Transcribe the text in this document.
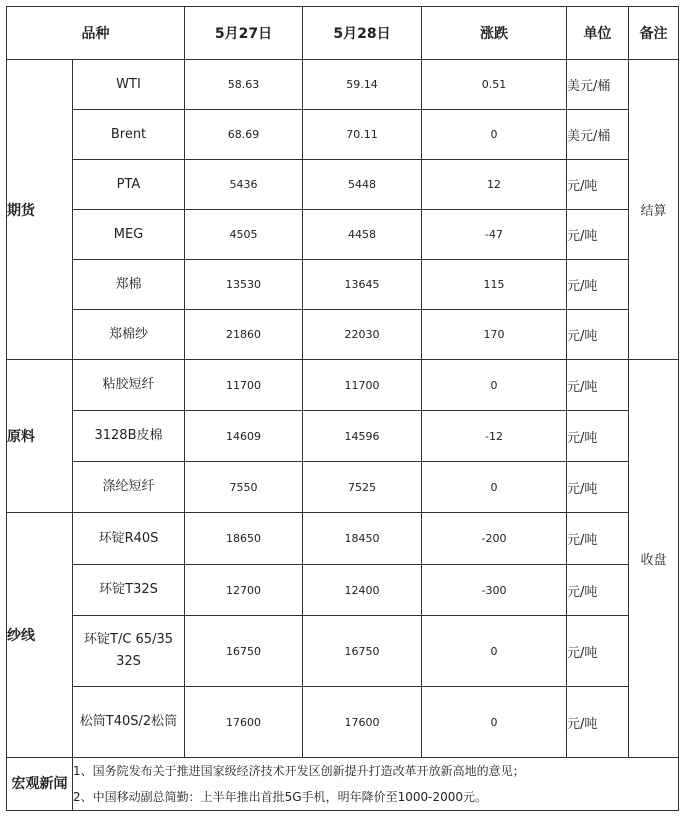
品种		5月27日	5月28日	涨跌	单位	备注
期货	WTI	58.63	59.14	0.51	美元/桶	结算
	Brent	68.69	70.11	0	美元/桶	
	PTA	5436	5448	12	元/吨	
	MEG	4505	4458	-47	元/吨	
	郑棉	13530	13645	115	元/吨	
	郑棉纱	21860	22030	170	元/吨	
原料	粘胶短纤	11700	11700	0	元/吨	收盘
	3128B皮棉	14609	14596	-12	元/吨	
	涤纶短纤	7550	7525	0	元/吨	
纱线	环锭R40S	18650	18450	-200	元/吨	
	环锭T32S	12700	12400	-300	元/吨	
	环锭T/C 65/35 32S	16750	16750	0	元/吨	
	松筒T40S/2松筒	17600	17600	0	元/吨	
宏观新闻	1、国务院发布关于推进国家级经济技术开发区创新提升打造改革开放新高地的意见；
2、中国移动副总简勤：上半年推出首批5G手机，明年降价至1000-2000元。					
